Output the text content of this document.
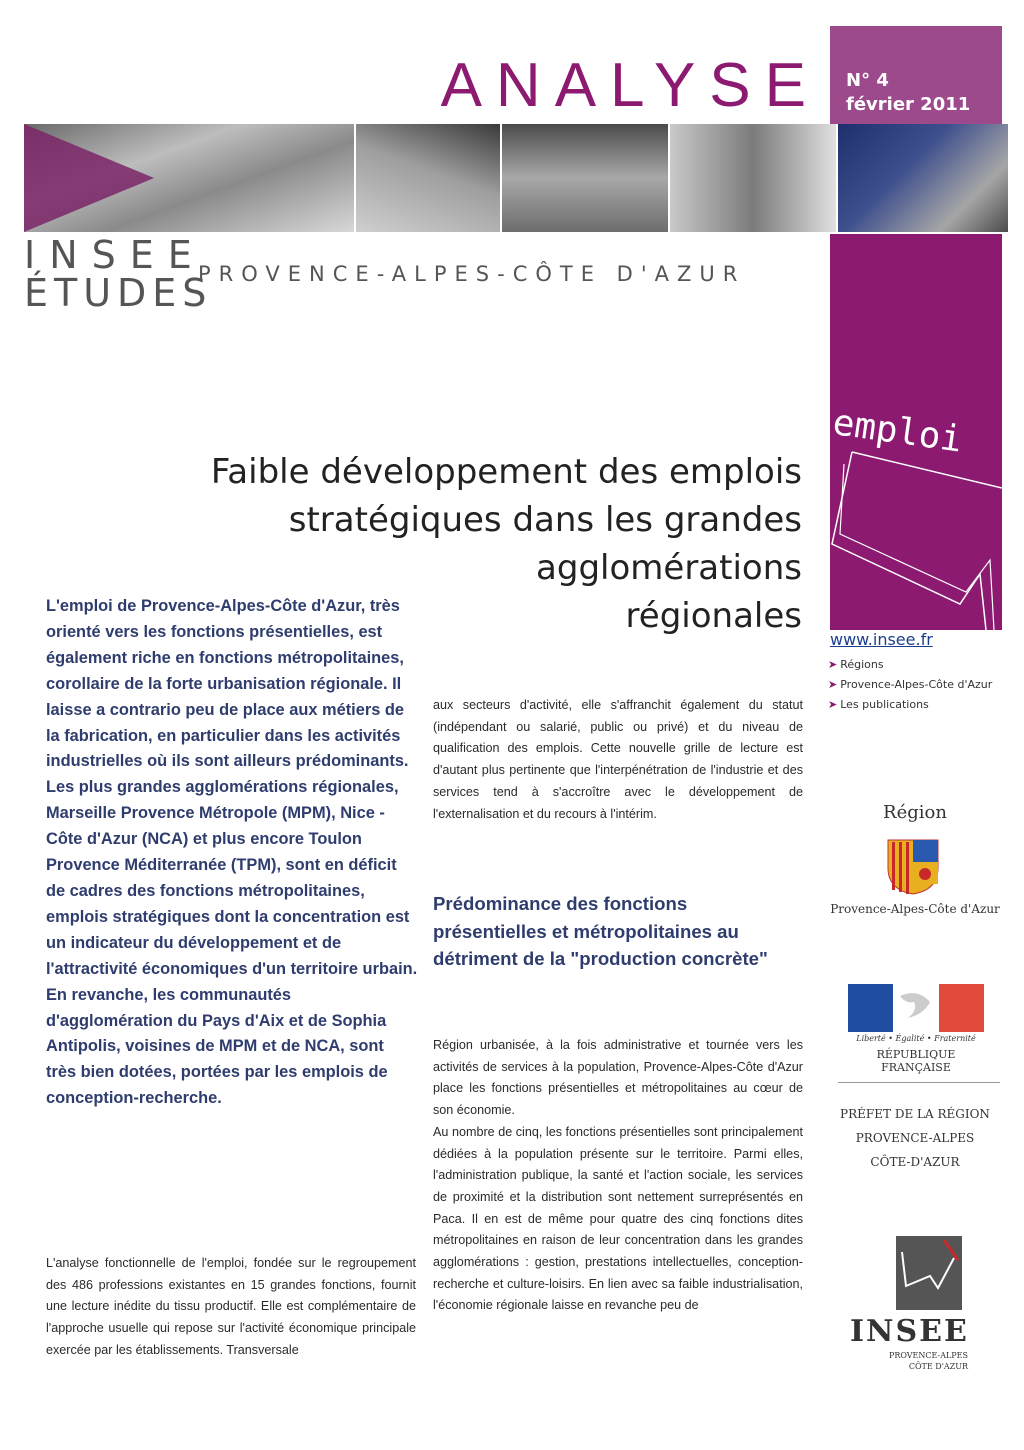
ANALYSE N° 4
février 2011
INSEE
ÉTUDES
PROVENCE-ALPES-CÔTE D'AZUR
emploi
www.insee.fr
➤ Régions
➤ Provence-Alpes-Côte d'Azur
➤ Les publications
Région
Provence-Alpes-Côte d'Azur
Liberté • Égalité • Fraternité
RÉPUBLIQUE FRANÇAISE
PRÉFET DE LA RÉGION
PROVENCE-ALPES
CÔTE-D'AZUR
INSEE
PROVENCE-ALPES
CÔTE D'AZUR
Faible développement des emplois
stratégiques dans les grandes
agglomérations
régionales

L'emploi de Provence-Alpes-Côte d'Azur, très orienté vers les fonctions présentielles, est également riche en fonctions métropolitaines, corollaire de la forte urbanisation régionale. Il laisse a contrario peu de place aux métiers de la fabrication, en particulier dans les activités industrielles où ils sont ailleurs prédominants.

Les plus grandes agglomérations régionales, Marseille Provence Métropole (MPM), Nice - Côte d'Azur (NCA) et plus encore Toulon Provence Méditerranée (TPM), sont en déficit de cadres des fonctions métropolitaines, emplois stratégiques dont la concentration est un indicateur du développement et de l'attractivité économiques d'un territoire urbain. En revanche, les communautés d'agglomération du Pays d'Aix et de Sophia Antipolis, voisines de MPM et de NCA, sont très bien dotées, portées par les emplois de conception-recherche.

L'analyse fonctionnelle de l'emploi, fondée sur le regroupement des 486 professions existantes en 15 grandes fonctions, fournit une lecture inédite du tissu productif. Elle est complémentaire de l'approche usuelle qui repose sur l'activité économique principale exercée par les établissements. Transversale

aux secteurs d'activité, elle s'affranchit également du statut (indépendant ou salarié, public ou privé) et du niveau de qualification des emplois. Cette nouvelle grille de lecture est d'autant plus pertinente que l'interpénétration de l'industrie et des services tend à s'accroître avec le développement de l'externalisation et du recours à l'intérim.

Prédominance des fonctions présentielles et métropolitaines au détriment de la "production concrète"

Région urbanisée, à la fois administrative et tournée vers les activités de services à la population, Provence-Alpes-Côte d'Azur place les fonctions présentielles et métropolitaines au cœur de son économie.

Au nombre de cinq, les fonctions présentielles sont principalement dédiées à la population présente sur le territoire. Parmi elles, l'administration publique, la santé et l'action sociale, les services de proximité et la distribution sont nettement surreprésentés en Paca. Il en est de même pour quatre des cinq fonctions dites métropolitaines en raison de leur concentration dans les grandes agglomérations : gestion, prestations intellectuelles, conception-recherche et culture-loisirs. En lien avec sa faible industrialisation, l'économie régionale laisse en revanche peu de
